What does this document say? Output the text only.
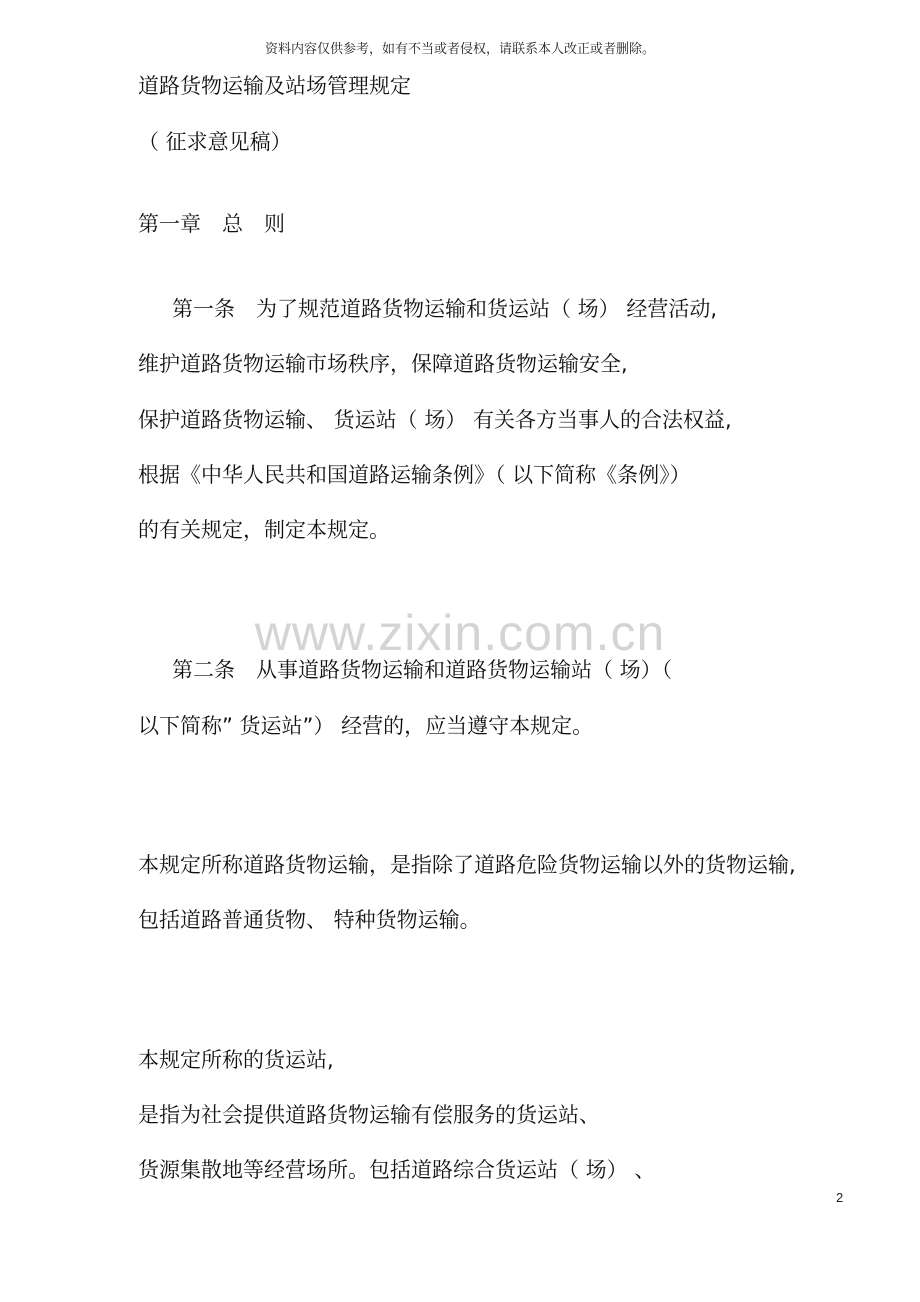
资料内容仅供参考，如有不当或者侵权，请联系本人改正或者删除。
道路货物运输及站场管理规定
（ 征求意见稿）
第一章　总　则
第一条　为了规范道路货物运输和货运站（ 场） 经营活动,
维护道路货物运输市场秩序，保障道路货物运输安全,
保护道路货物运输、 货运站（ 场） 有关各方当事人的合法权益,
根据《中华人民共和国道路运输条例》（ 以下简称《条例》）
的有关规定，制定本规定。
www.zixin.com.cn
第二条　从事道路货物运输和道路货物运输站（ 场）（
以下简称” 货运站”） 经营的，应当遵守本规定。
本规定所称道路货物运输，是指除了道路危险货物运输以外的货物运输,
包括道路普通货物、 特种货物运输。
本规定所称的货运站,
是指为社会提供道路货物运输有偿服务的货运站、
货源集散地等经营场所。包括道路综合货运站（ 场） 、
2
